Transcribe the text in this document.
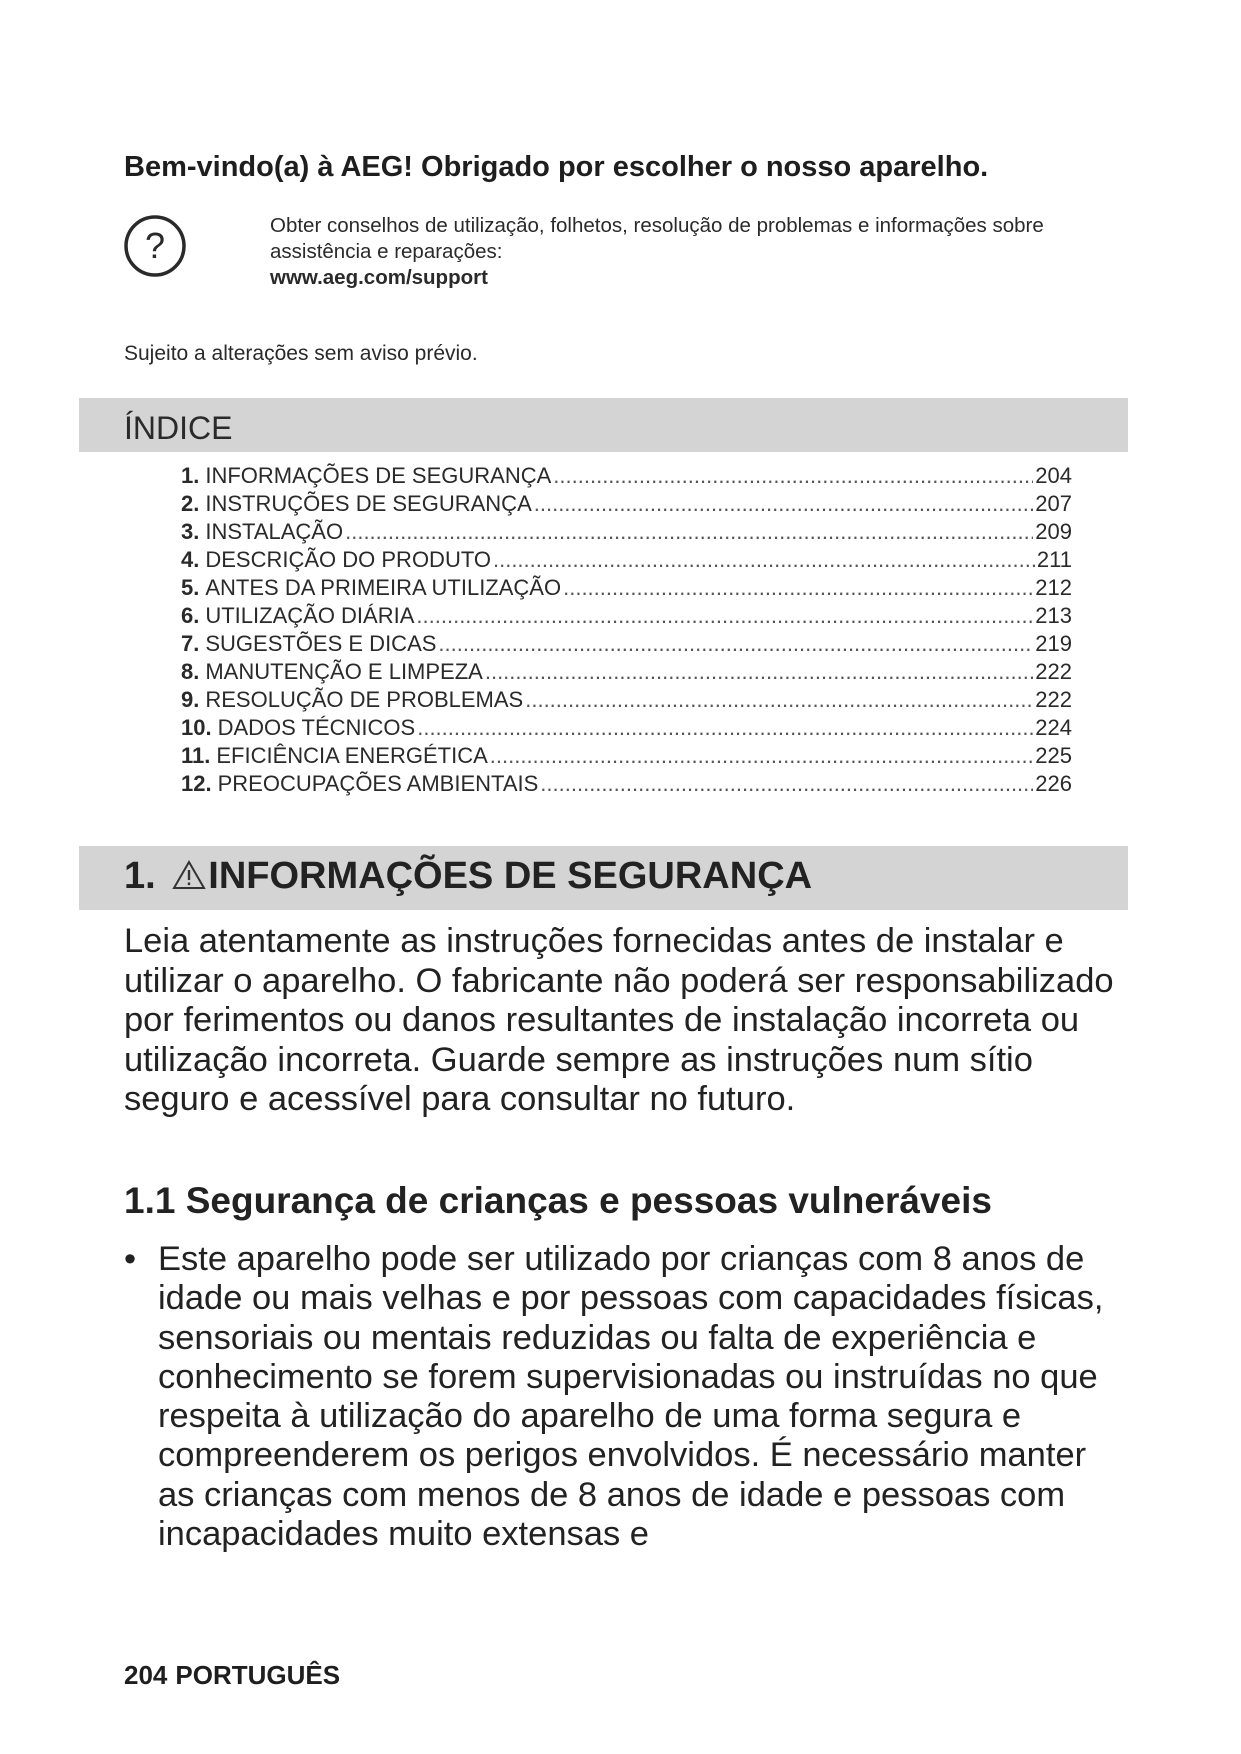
Bem-vindo(a) à AEG! Obrigado por escolher o nosso aparelho.
?	Obter conselhos de utilização, folhetos, resolução de problemas e informações sobre assistência e reparações:
www.aeg.com/support
Sujeito a alterações sem aviso prévio.
ÍNDICE
1. INFORMAÇÕES DE SEGURANÇA .....	204
2. INSTRUÇÕES DE SEGURANÇA .....	207
3. INSTALAÇÃO .....	209
4. DESCRIÇÃO DO PRODUTO .....	211
5. ANTES DA PRIMEIRA UTILIZAÇÃO .....	212
6. UTILIZAÇÃO DIÁRIA .....	213
7. SUGESTÕES E DICAS .....	219
8. MANUTENÇÃO E LIMPEZA .....	222
9. RESOLUÇÃO DE PROBLEMAS .....	222
10. DADOS TÉCNICOS .....	224
11. EFICIÊNCIA ENERGÉTICA .....	225
12. PREOCUPAÇÕES AMBIENTAIS .....	226
1. INFORMAÇÕES DE SEGURANÇA

Leia atentamente as instruções fornecidas antes de instalar e utilizar o aparelho. O fabricante não poderá ser responsabilizado por ferimentos ou danos resultantes de instalação incorreta ou utilização incorreta. Guarde sempre as instruções num sítio seguro e acessível para consultar no futuro.

1.1 Segurança de crianças e pessoas vulneráveis

• Este aparelho pode ser utilizado por crianças com 8 anos de idade ou mais velhas e por pessoas com capacidades físicas, sensoriais ou mentais reduzidas ou falta de experiência e conhecimento se forem supervisionadas ou instruídas no que respeita à utilização do aparelho de uma forma segura e compreenderem os perigos envolvidos. É necessário manter as crianças com menos de 8 anos de idade e pessoas com incapacidades muito extensas e

204 PORTUGUÊS
